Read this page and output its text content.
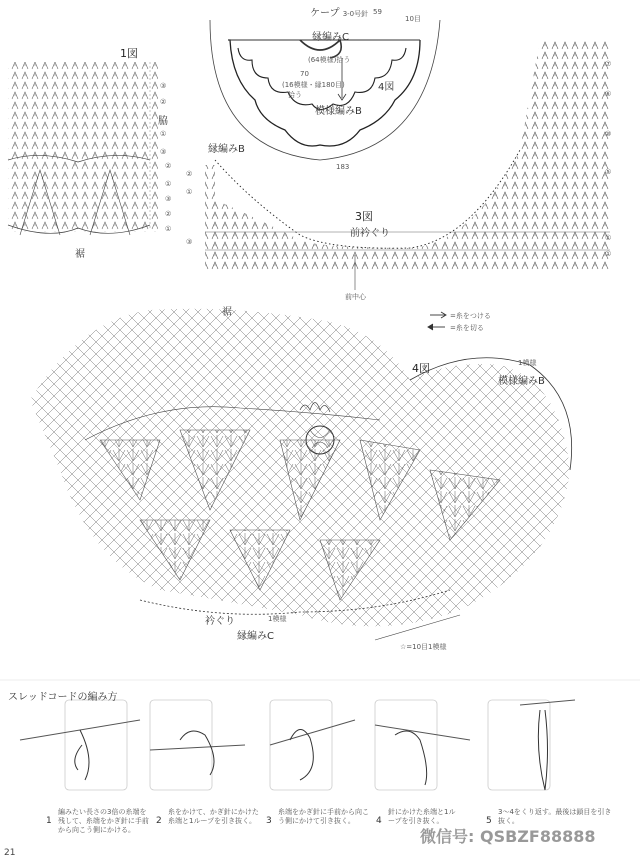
ケープ 3-0号針 59
10目
縁編みC
(64模様)拾う
70
(16模様・縁180目)
拾う
4図
模様編みB
183
1図
脇
裾
③
②
①
③
②
①
③
②
①
縁編みB
3図
前衿ぐり
前中心
③
②
①
⑤
①
①
⑦
⑥
⑩
裾	=糸をつける
=糸を切る
4図	1模様
模様編みB
衿ぐり	1模様
縁編みC
☆=10目1模様
スレッドコードの編み方
1
編みたい長さの3倍の糸端を残して、糸端をかぎ針に手前から向こう側にかける。
2
糸をかけて、かぎ針にかけた糸端と1ループを引き抜く。	3
糸端をかぎ針に手前から向こう側にかけて引き抜く。	4
針にかけた糸端と1ループを引き抜く。	5
3〜4をくり返す。最後は鎖目を引き抜く。
21
微信号: QSBZF88888
